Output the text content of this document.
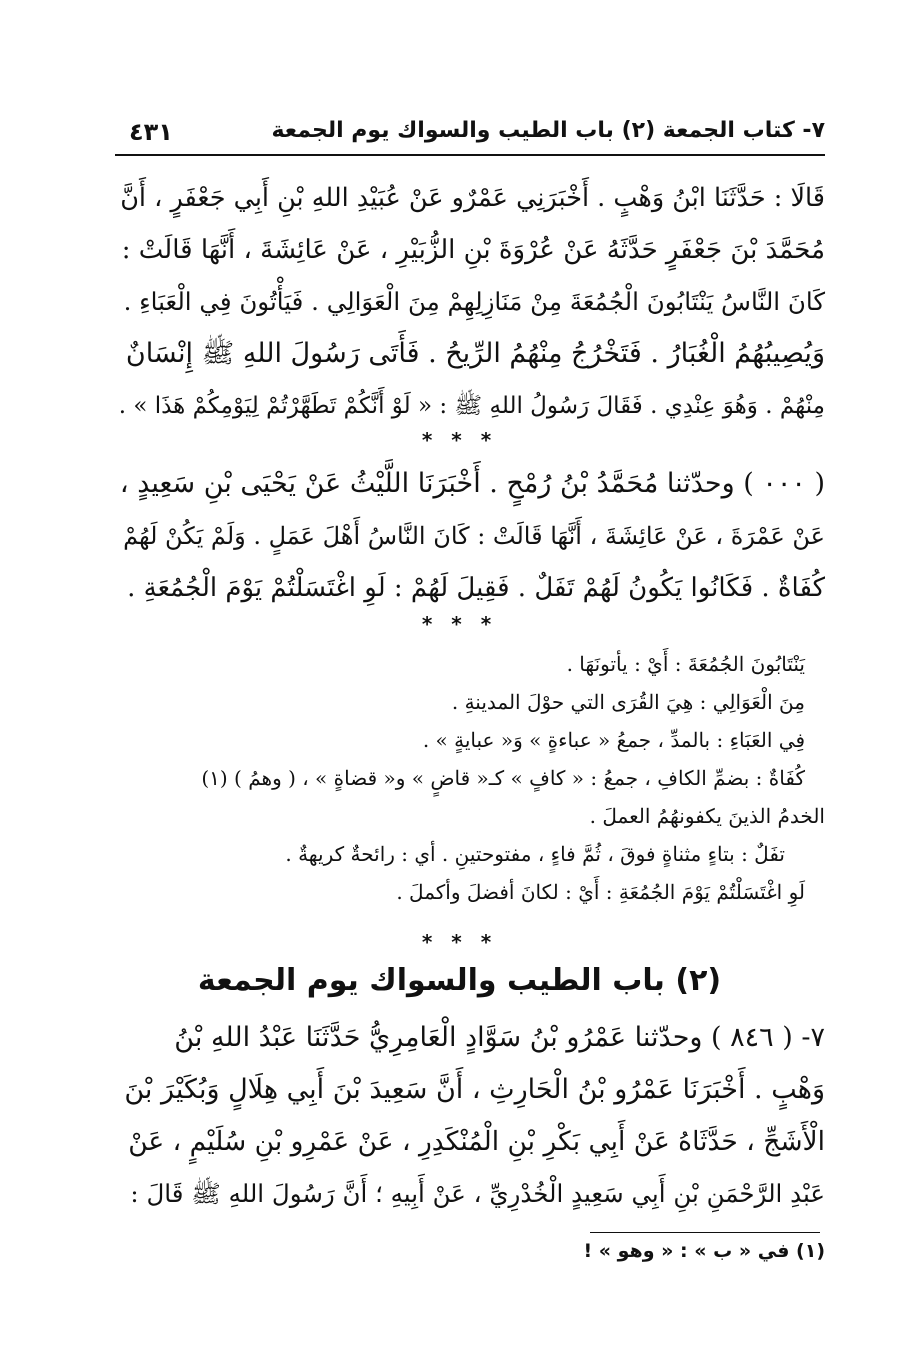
٧- كتاب الجمعة (٢) باب الطيب والسواك يوم الجمعة
٤٣١
قَالَا : حَدَّثَنَا ابْنُ وَهْبٍ . أَخْبَرَنِي عَمْرٌو عَنْ عُبَيْدِ اللهِ بْنِ أَبِي جَعْفَرٍ ، أَنَّ
مُحَمَّدَ بْنَ جَعْفَرٍ حَدَّثَهُ عَنْ عُرْوَةَ بْنِ الزُّبَيْرِ ، عَنْ عَائِشَةَ ، أَنَّهَا قَالَتْ :
كَانَ النَّاسُ يَنْتَابُونَ الْجُمُعَةَ مِنْ مَنَازِلِهِمْ مِنَ الْعَوَالِي . فَيَأْتُونَ فِي الْعَبَاءِ .
وَيُصِيبُهُمُ الْغُبَارُ . فَتَخْرُجُ مِنْهُمُ الرِّيحُ . فَأَتَى رَسُولَ اللهِ ﷺ إِنْسَانٌ
مِنْهُمْ . وَهُوَ عِنْدِي . فَقَالَ رَسُولُ اللهِ ﷺ : « لَوْ أَنَّكُمْ تَطَهَّرْتُمْ لِيَوْمِكُمْ هَذَا » .
* * *
( ٠٠٠ ) وحدّثنا مُحَمَّدُ بْنُ رُمْحٍ . أَخْبَرَنَا اللَّيْثُ عَنْ يَحْيَى بْنِ سَعِيدٍ ،
عَنْ عَمْرَةَ ، عَنْ عَائِشَةَ ، أَنَّهَا قَالَتْ : كَانَ النَّاسُ أَهْلَ عَمَلٍ . وَلَمْ يَكُنْ لَهُمْ
كُفَاةٌ . فَكَانُوا يَكُونُ لَهُمْ تَفَلٌ . فَقِيلَ لَهُمْ : لَوِ اغْتَسَلْتُمْ يَوْمَ الْجُمُعَةِ .
* * *
يَنْتَابُونَ الجُمُعَةَ : أَيْ : يأتونَهَا .
مِنَ الْعَوَالِي : هِيَ القُرَى التي حوْلَ المدينةِ .
فِي العَبَاءِ : بالمدِّ ، جمعُ « عباءةٍ » وَ« عبايةٍ » .
كُفَاةٌ : بضمِّ الكافِ ، جمعُ : « كافٍ » كـ« قاضٍ » و« قضاةٍ » ، ( وهمُ ) (١)
الخدمُ الذينَ يكفونهُمُ العملَ .
تفَلٌ : بتاءٍ مثناةٍ فوقَ ، ثُمَّ فاءٍ ، مفتوحتينِ . أي : رائحةٌ كريهةٌ .
لَوِ اغْتَسَلْتُمْ يَوْمَ الجُمُعَةِ : أَيْ : لكانَ أفضلَ وأكملَ .
* * *
(٢) باب الطيب والسواك يوم الجمعة
٧- ( ٨٤٦ ) وحدّثنا عَمْرُو بْنُ سَوَّادٍ الْعَامِرِيُّ حَدَّثَنَا عَبْدُ اللهِ بْنُ
وَهْبٍ . أَخْبَرَنَا عَمْرُو بْنُ الْحَارِثِ ، أَنَّ سَعِيدَ بْنَ أَبِي هِلَالٍ وَبُكَيْرَ بْنَ
الْأَشَجِّ ، حَدَّثَاهُ عَنْ أَبِي بَكْرِ بْنِ الْمُنْكَدِرِ ، عَنْ عَمْرِو بْنِ سُلَيْمٍ ، عَنْ
عَبْدِ الرَّحْمَنِ بْنِ أَبِي سَعِيدٍ الْخُدْرِيِّ ، عَنْ أَبِيهِ ؛ أَنَّ رَسُولَ اللهِ ﷺ قَالَ :
(١) في « ب » : « وهو » !
